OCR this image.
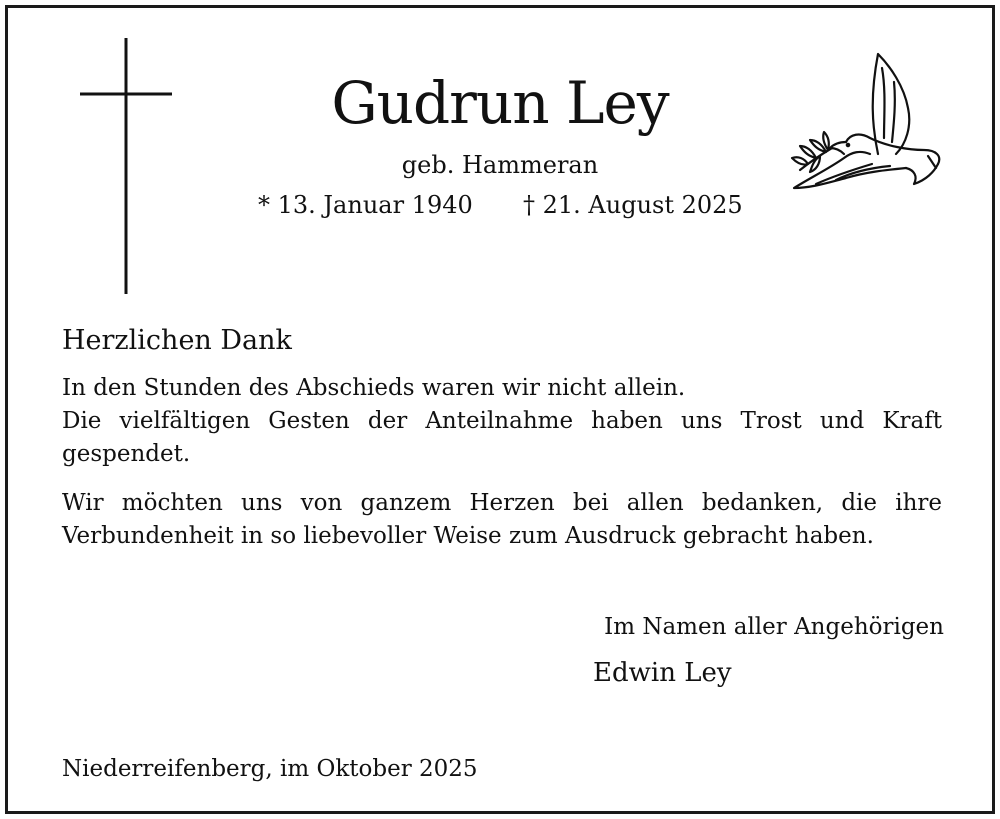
Gudrun Ley
geb. Hammeran
* 13. Januar 1940 † 21. August 2025
Herzlichen Dank

In den Stunden des Abschieds waren wir nicht allein.
Die vielfältigen Gesten der Anteilnahme haben uns Trost und Kraft gespendet.

Wir möchten uns von ganzem Herzen bei allen bedanken, die ihre Verbundenheit in so liebevoller Weise zum Ausdruck gebracht haben.

Im Namen aller Angehörigen
Edwin Ley
Niederreifenberg, im Oktober 2025
